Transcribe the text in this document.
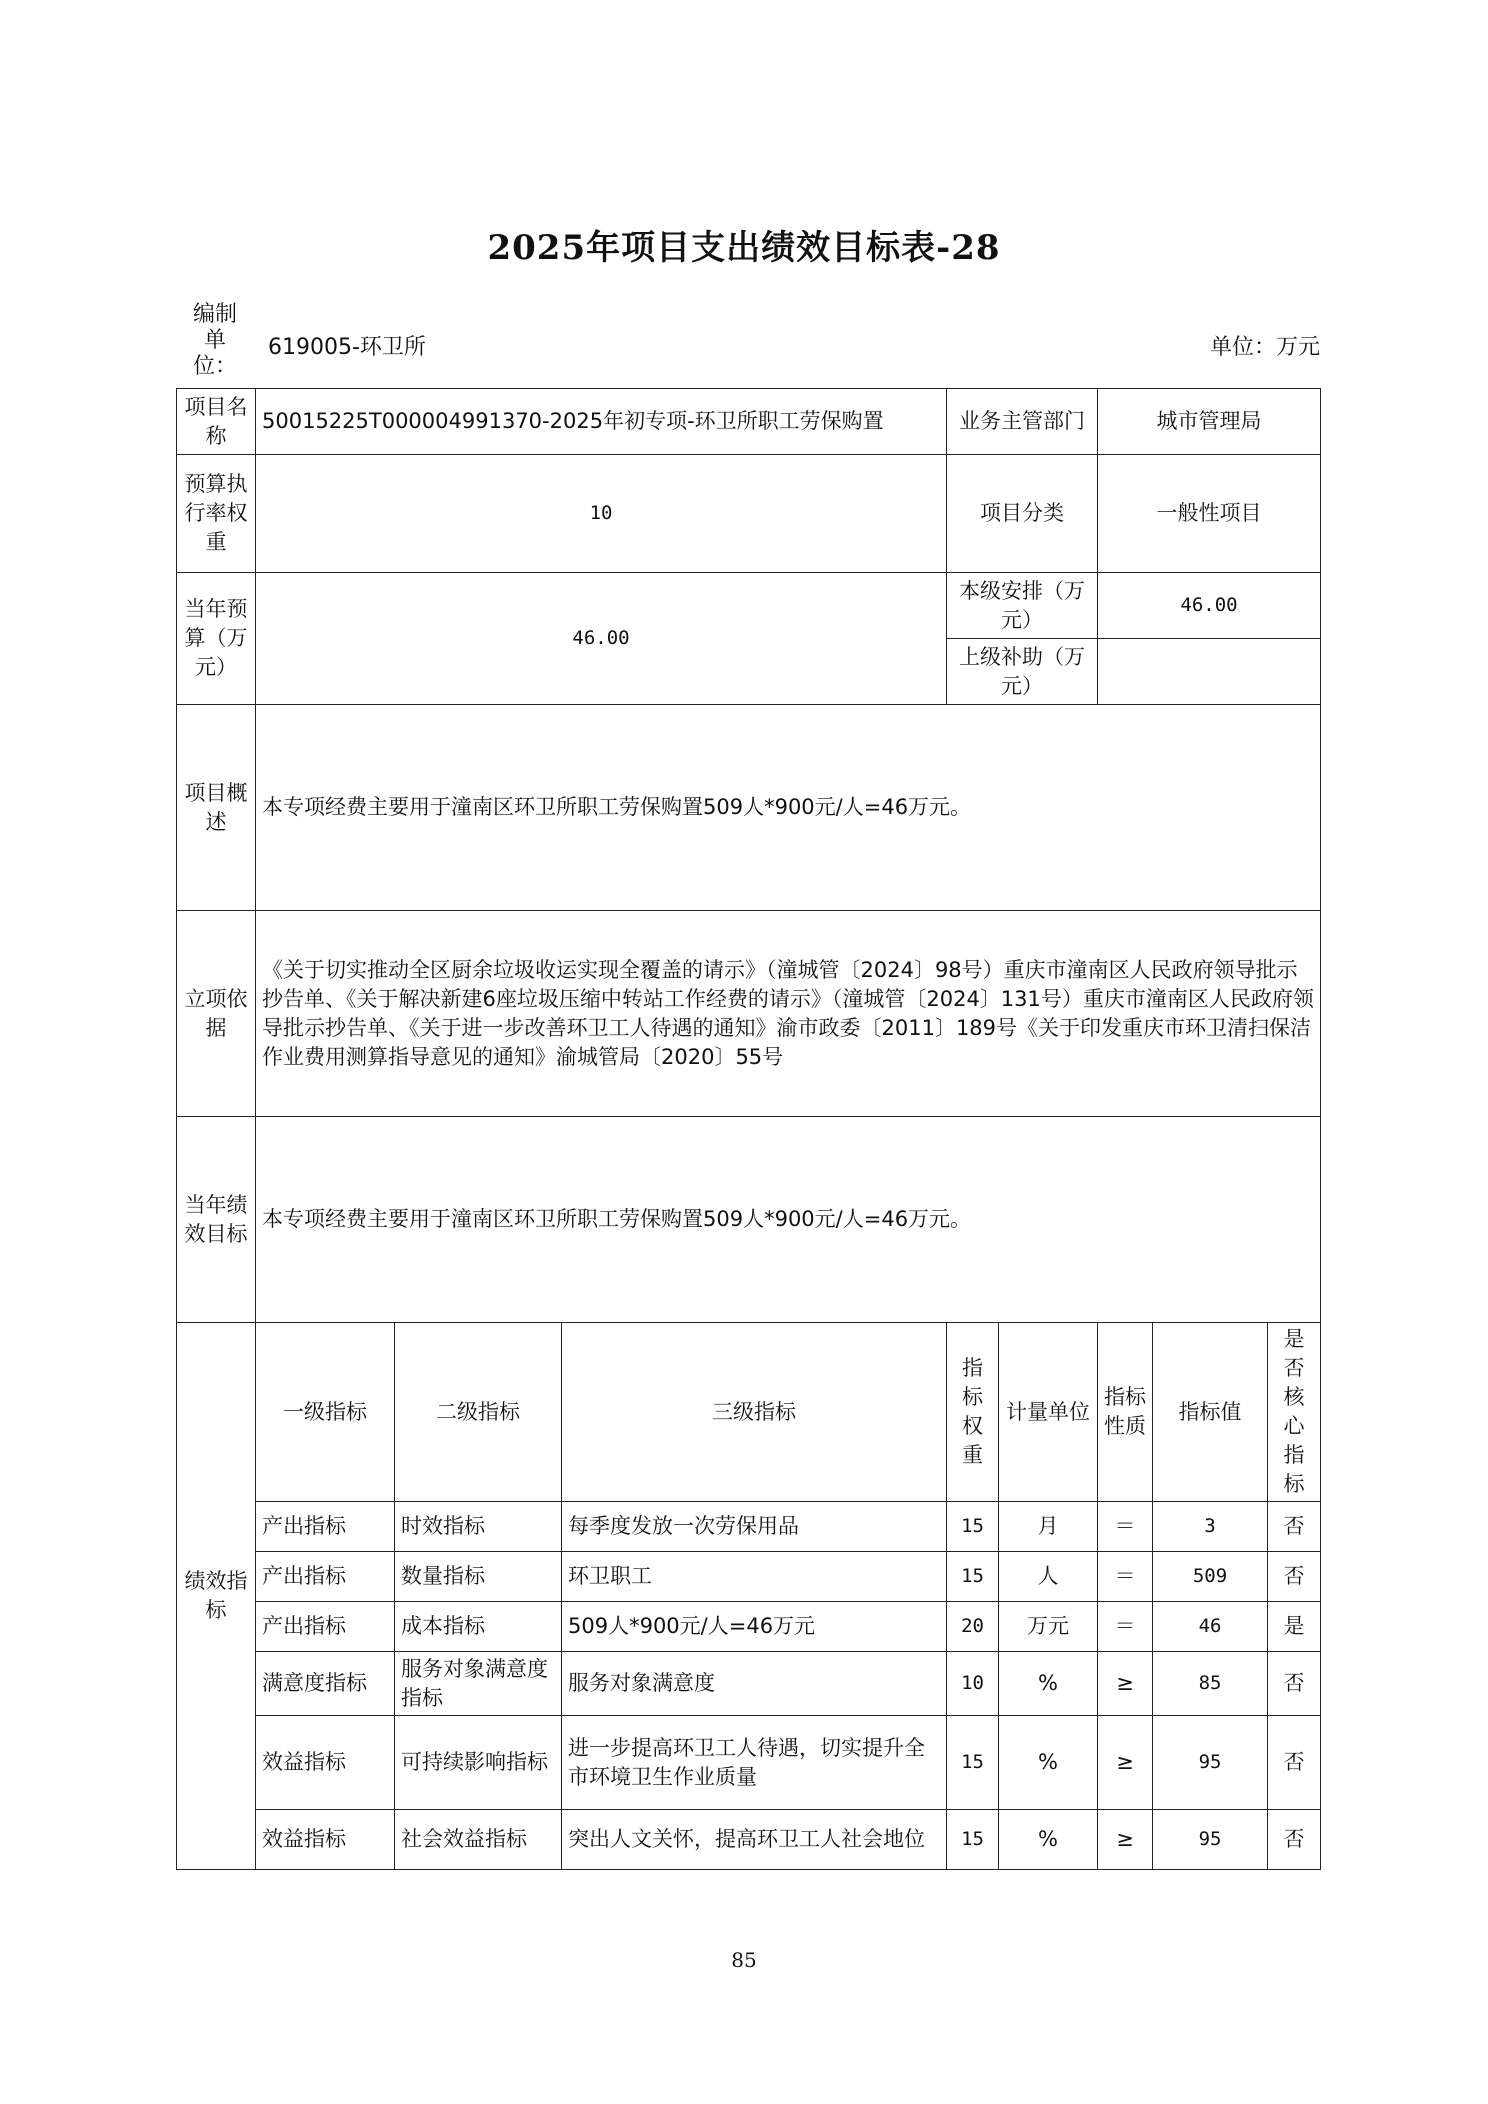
2025年项目支出绩效目标表-28
编制单位：
619005-环卫所	单位：万元
项目名称	50015225T000004991370-2025年初专项-环卫所职工劳保购置			业务主管部门		城市管理局		
预算执行率权重	10			项目分类		一般性项目		
当年预算（万元）	46.00			本级安排（万元）		46.00		
				上级补助（万元）				
项目概述	本专项经费主要用于潼南区环卫所职工劳保购置509人*900元/人=46万元。							
立项依据	《关于切实推动全区厨余垃圾收运实现全覆盖的请示》（潼城管〔2024〕98号）重庆市潼南区人民政府领导批示抄告单、《关于解决新建6座垃圾压缩中转站工作经费的请示》（潼城管〔2024〕131号）重庆市潼南区人民政府领导批示抄告单、《关于进一步改善环卫工人待遇的通知》渝市政委〔2011〕189号《关于印发重庆市环卫清扫保洁作业费用测算指导意见的通知》渝城管局〔2020〕55号							
当年绩效目标	本专项经费主要用于潼南区环卫所职工劳保购置509人*900元/人=46万元。							
绩效指标	一级指标	二级指标	三级指标	指标权重	计量单位	指标性质	指标值	是否核心指标
	产出指标	时效指标	每季度发放一次劳保用品	15	月	＝	3	否
	产出指标	数量指标	环卫职工	15	人	＝	509	否
	产出指标	成本指标	509人*900元/人=46万元	20	万元	＝	46	是
	满意度指标	服务对象满意度指标	服务对象满意度	10	%	≥	85	否
	效益指标	可持续影响指标	进一步提高环卫工人待遇，切实提升全市环境卫生作业质量	15	%	≥	95	否
	效益指标	社会效益指标	突出人文关怀，提高环卫工人社会地位	15	%	≥	95	否
85
